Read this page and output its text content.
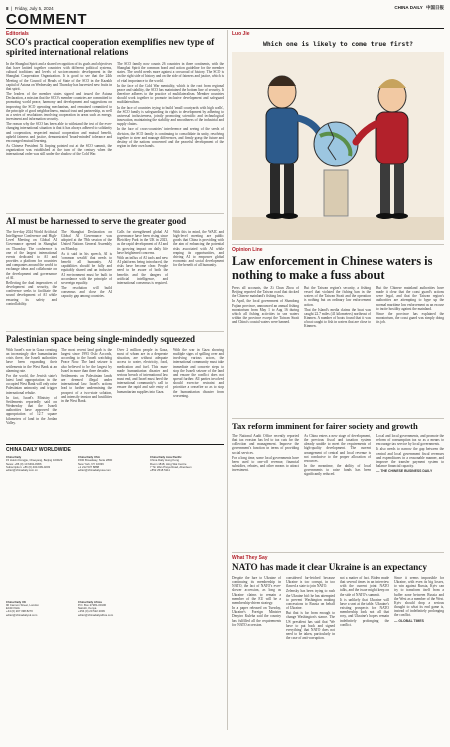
8  |  Friday, July 5, 2024	CHINA DAILY 中国日报
COMMENT
Editorials
SCO's practical cooperation exemplifies new type of spirited international relations

In the Shanghai Spirit and a shared recognition of its goals and objectives that have knitted together countries with different political systems, cultural traditions and levels of socioeconomic development in the Shanghai Cooperation Organization. It is good to see that the 24th Meeting of the Council of Heads of State of the SCO in the Kazakh capital of Astana on Wednesday and Thursday has harvested new fruits in that spirit.

The leaders of the member states signed and issued the Astana Declaration, a mission that the SCO's member countries are committed to promoting world peace, harmony and development and suggestions on improving the SCO operating mechanism, and remained committed to the principle of good neighborliness, mutual trust and partnership, as well as a series of resolutions involving cooperation in areas such as energy, investment and information security.

The reason why the SCO has been able to withstand the test of the ever-changing international situation is that it has always adhered to solidarity and cooperation, respected mutual cooperation and mutual benefit, upheld fairness and justice, demonstrated 'broad-minded' tolerance and encouraged mutual learning.

As Chinese President Xi Jinping pointed out at the SCO summit, the organization was established at the turn of the century when the international order was still under the shadow of the Cold War.

The SCO family now counts 26 countries in three continents, with the Shanghai Spirit the common bond and action guideline for the member states. The world needs more against a crossroad of history. The SCO is on the right side of history and on the side of fairness and justice, which is of vital importance to the world.

In the face of the Cold War mentality, which is the root from regional peace and stability, the SCO has maintained the bottom line of security. It therefore adheres to the practice of multilateralism. Member countries should work together to promote inclusive development and safeguard multilateralism.

In the face of countries trying to build 'small courtyards with high walls', the SCO family is safeguarding its rights to development by adhering to universal inclusiveness, jointly promoting scientific and technological innovation, maintaining the stability and smoothness of the industrial and supply chains.

In the face of cross-countries' interference and seeing of the seeds of division, the SCO family is continuing to consolidate its unity, resolving together to steer and manage differences, and firmly grasp the future and destiny of the nations concerned and the peaceful development of the region in their own hands.

AI must be harnessed to serve the greater good

The five-day 2024 World Artificial Intelligence Conference and High-Level Meeting on Global AI Governance opened in Shanghai on Thursday. The conference is one of the largest international events dedicated to AI and provides a platform for countries and companies around the world to exchange ideas and collaborate on the development and governance of AI.

Reflecting the dual imperatives of development and security, the conference seeks to facilitate the sound development of AI while ensuring its safety and controllability.

The Shanghai Declaration on Global AI Governance was adopted at the 78th session of the United Nations General Assembly on Monday.

As it said in his speech, AI is 'common wealth' that needs to benefit all humanity. AI capabilities should be fully and equitably shared and an inclusive AI environment must be built in accordance with the principle of sovereign equality.

The resolution will build consensus and close the AI capacity gap among countries.

Calls for strengthened global AI governance have been rising since Bletchley Park in the UK in 2023, as the rapid development of AI and its growing impact on daily life have heightened concerns.

With an influx of AI tools and new AI platforms being introduced, the risks have become clear. People need to be aware of both the benefits and the dangers of artificial intelligence, and international consensus is required.

With this in mind, the WAIC and high-level meeting are public goods that China is providing with the aim of enhancing the potential risks associated with AI while reaping its opportunities, and driving AI to empower global economic and social development for the benefit of all humanity.

Palestinian space being single-mindedly squeezed

With Israel's war in Gaza creating an increasingly dire humanitarian crisis there, the Israeli authorities have been expanding their settlements in the West Bank at an alarming rate.

For the world, the Jewish state's latest land appropriation in the occupied West Bank will only raise Palestinian animosity and trigger international rebuke.

In fact, Israel's Ministry of Settlements reportedly said on Wednesday that the Israeli authorities have approved the appropriation of 12.7 square kilometers of land in the Jordan Valley.

The most recent land grab is the largest since 1993 Oslo Accords, according to the Israeli watchdog Peace Now. The land seizure is also believed to be the largest by Israel in more than three decades.

Settlements on Palestinian lands are deemed illegal under international law. Israel's actions lead to further undermining the prospect of a two-state solution, and intensify tension and hostilities in the West Bank.

Over 2 million people in Gaza, most of whom are in a desperate situation, are without adequate access to water, electricity, food, medication and fuel. This man-made humanitarian disaster and serious breach of international law must end, and Israel must heed the international community's call to ensure the rapid and safe entry of humanitarian supplies into Gaza.

With the war in Gaza showing multiple signs of spilling over and involving various actors, the international community must take immediate and concrete steps to stop the Israeli seizure of the land and ensure the conflict does not spread further. All parties involved should exercise restraint and prioritize a ceasefire so as to stop the humanitarian disaster from worsening.

CHINA DAILY WORLDWIDE
China Daily
15 Huixin Dongjie, Chaoyang, Beijing 100029
News: +86 (0) 10 6491-8366
Subscription: +86 (0) 400-699-0203
editor@chinadaily.com.cn
China Daily USA
1500 Broadway, Suite 2800
New York, NY 10036
+1 212 537 8888
editor@chinadailyusa.com
China Daily Asia Pacific
China Daily Hong Kong
Room 1818, Hing Wai Centre
7 Tin Wan Praya Road, Aberdeen
+852 2518 5111
China Daily UK
90 Cannon Street, London
EC4N 6HA
+44 (0) 207 398 8270
editor@chinadailyuk.com
China Daily Africa
P.O. Box 27281-00100
Nairobi, Kenya
+254 (0) 20 522 2009
editor@chinadailyafrica.com
Luo Jie
Which one is likely to come true first?
Opinion Line
Law enforcement in Chinese waters is nothing to make a fuss about

Press all accounts, the Zi Chun Zhou of Beijing reported the Taiwan road that docked the Chinese mainland's fishing laws.

In April, the local government of Shandong Fujian province, announced an annual fishing moratorium from May 1 to Aug 16 during which all fishing activities in sea waters within the province except the Taiwan Strait and China's coastal waters were banned.

But the Taiwan region's security, a fishing vessel that violated the fishing ban in the waters of the Taiwan Strait and the operation is nothing but an ordinary law enforcement action.

That the Island's media claims the boat was caught 22.7 miles (41 kilometers) northeast of Kinmen. A number of boats found that it was a boat caught to fish in waters that are close to Kinmen.

But the Chinese mainland authorities have made it clear that the coast guard's actions were legal, and that the Taiwan region's authorities are attempting to hype up the normal maritime law enforcement as an excuse to incite hostility against the mainland.

Since the province has explained the moratorium, the coast guard was simply doing its job.

Tax reform imminent for fairer society and growth

The National Audit Office recently reported that tax evasion has led to tax cuts for the collection and management. Improve the government's function in terms of providing social services.

For a long time, some local governments have been used to one-off revenue, financial subsidies, rebates, and other means to attract investment.

As China enters a new stage of development, the previous fiscal and taxation system already unable to meet the requirements of high-quality development. The current arrangement of central and local revenue is not conducive to the proper allocation of resources.

In the meantime, the ability of local governments to raise funds has been significantly reduced.

Local and local governments, and promote the reform of consumption tax so as a means to encourage tax service by local governments.

It also needs to narrow the gap between the central and local government fiscal revenues and expenditures in a reasonable manner, and improve the transfer payment system to balance financial capacity.

— THE CHINESE BUSINESS DAILY

What They Say
NATO has made it clear Ukraine is an expectancy

Despite the lure to Ukraine of continuing its membership in NATO, the fact of NATO's ever-slower accession, as long as Ukraine claims to remain a member of the EU will be a membership-driven strategy.

In a paper released on Tuesday, Ukraine's Foreign Minister Dmytro Kuleba said the country has fulfilled all the requirements for NATO accession.

considered far-fetched because Ukraine is too corrupt, in too flawed a state to join NATO.

Zelensky has been trying to rush the Ukraine bid: he has attempted to prevent Washington making concessions to Russia on behalf of Ukraine.

But that is far from enough to change Washington's stance. The US president has said that 'We have to put back and signed everything' that NATO does not need to be taken, particularly in the case of anti-corruption.

not a matter of fact. Biden made that several times in an interview with the current joint NATO talks, and the issue might keep on the side of NATO's summit.

It is unlikely that Ukraine will have a seat at the table. Ukraine's existing prospects for NATO membership look not all that rosy, and Ukraine's hopes remain indefinitely prolonging the conflict.

Since it seems impossible for Ukraine, with even its big losses, to win against Russia, Kyiv can try to transform itself from a buffer zone between Russia and the West as a member of the West. Kyiv should drop a serious thought to what its end game is, instead of indefinitely prolonging the conflict.

— GLOBAL TIMES
